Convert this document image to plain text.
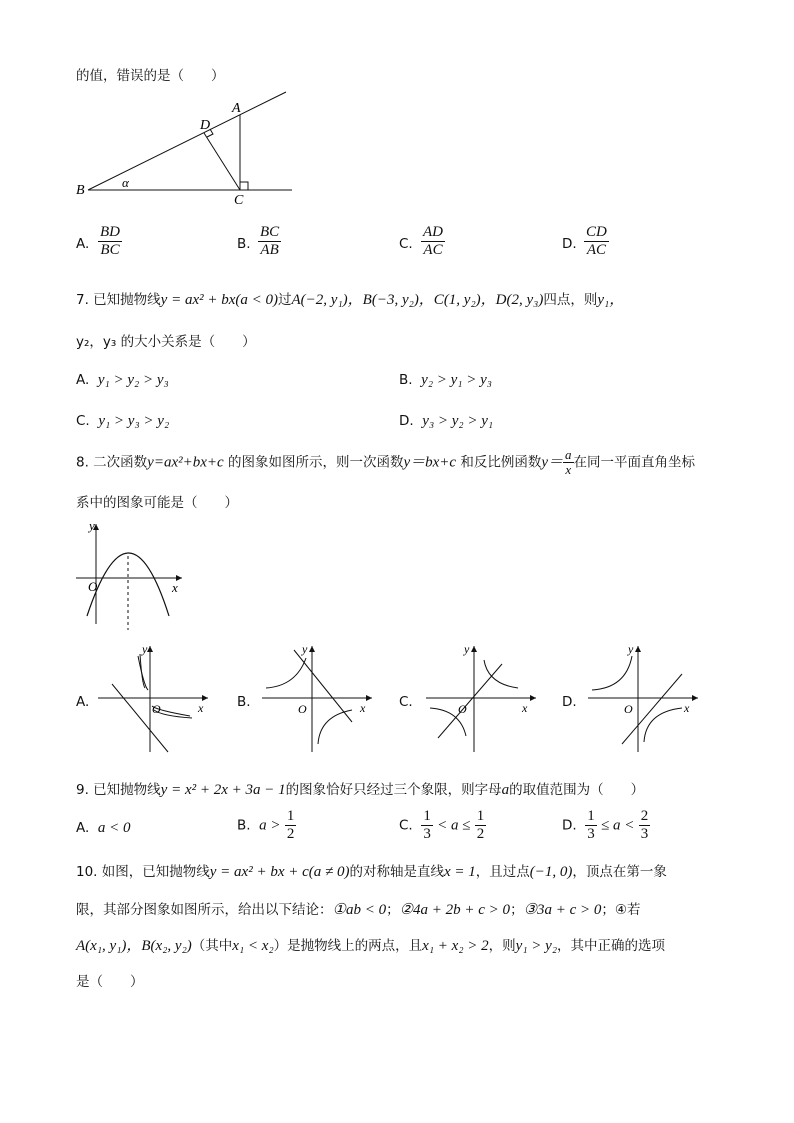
的值，错误的是（　　）
B
A
D
C
α
A. $\frac{BD}{BC}$	B. $\frac{BC}{AB}$	C. $\frac{AD}{AC}$	D. $\frac{CD}{AC}$
7. 已知抛物线y = ax² + bx(a < 0)过A(−2, y₁)，B(−3, y₂)，C(1, y₂)，D(2, y₃)四点，则y₁，
y₂，y₃ 的大小关系是（　　）
A. y₁ > y₂ > y₃	B. y₂ > y₁ > y₃
C. y₁ > y₃ > y₂	D. y₃ > y₂ > y₁
8. 二次函数y=ax²+bx+c 的图象如图所示，则一次函数y＝bx+c 和反比例函数$y= \frac{a}{x}$ 在同一平面直角坐标
系中的图象可能是（　　）
y
x
O
A.
y
x
O	B.
y
x
O	C.
y
x
O	D.
y
x
O
9. 已知抛物线y = x² + 2x + 3a − 1的图象恰好只经过三个象限，则字母a的取值范围为（　　）
A. a < 0	B. $a > \frac{1}{2}$	C. $\frac{1}{3} < a \le \frac{1}{2}$	D. $\frac{1}{3} \le a < \frac{2}{3}$
10. 如图，已知抛物线y = ax² + bx + c(a ≠ 0)的对称轴是直线x = 1，且过点(−1, 0)，顶点在第一象
限，其部分图象如图所示，给出以下结论：①ab < 0；②4a + 2b + c > 0；③3a + c > 0；④若
A(x₁, y₁)，B(x₂, y₂)（其中x₁ < x₂）是抛物线上的两点，且x₁ + x₂ > 2，则y₁ > y₂，其中正确的选项
是（　　）
